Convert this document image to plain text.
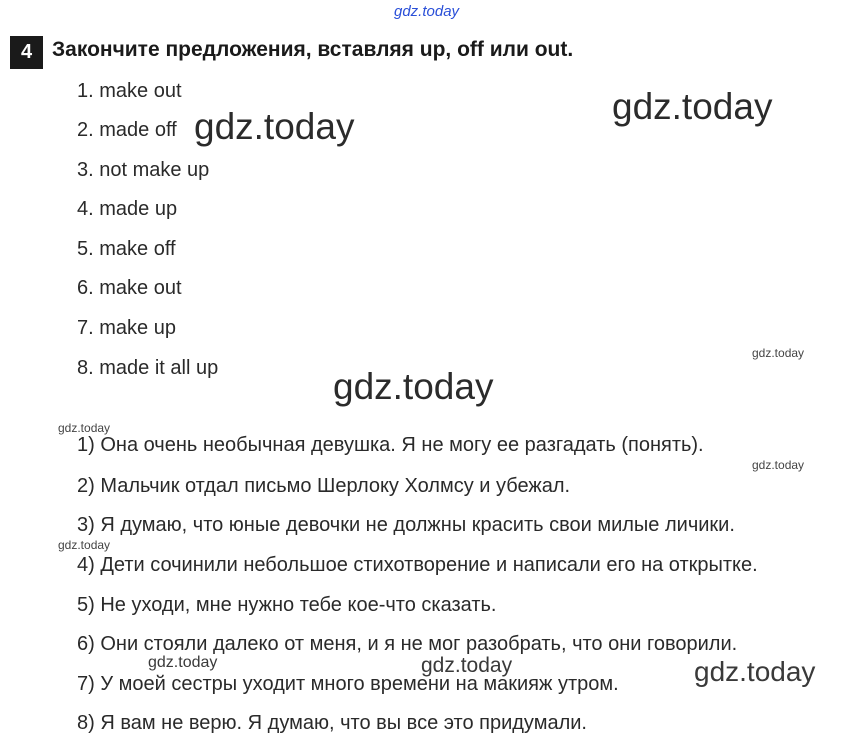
gdz.today
4 Закончите предложения, вставляя up, off или out.
1. make out
2. made off
3. not make up
4. made up
5. make off
6. make out
7. make up
8. made it all up
1) Она очень необычная девушка. Я не могу ее разгадать (понять).
2) Мальчик отдал письмо Шерлоку Холмсу и убежал.
3) Я думаю, что юные девочки не должны красить свои милые личики.
4) Дети сочинили небольшое стихотворение и написали его на открытке.
5) Не уходи, мне нужно тебе кое-что сказать.
6) Они стояли далеко от меня, и я не мог разобрать, что они говорили.
7) У моей сестры уходит много времени на макияж утром.
8) Я вам не верю. Я думаю, что вы все это придумали.
gdz.today	gdz.today
gdz.today
gdz.today
gdz.today
gdz.today
gdz.today
gdz.today	gdz.today	gdz.today
